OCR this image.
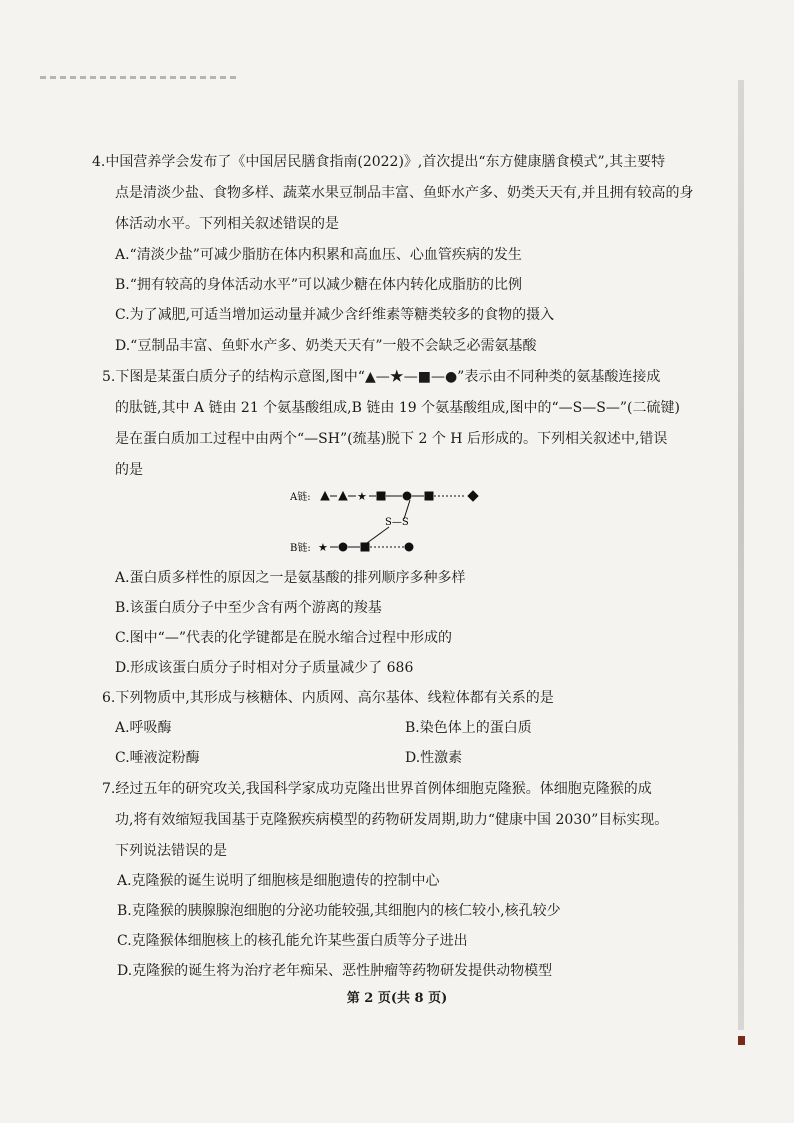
4.中国营养学会发布了《中国居民膳食指南(2022)》,首次提出“东方健康膳食模式”,其主要特
点是清淡少盐、食物多样、蔬菜水果豆制品丰富、鱼虾水产多、奶类天天有,并且拥有较高的身
体活动水平。下列相关叙述错误的是
A.“清淡少盐”可减少脂肪在体内积累和高血压、心血管疾病的发生
B.“拥有较高的身体活动水平”可以减少糖在体内转化成脂肪的比例
C.为了减肥,可适当增加运动量并减少含纤维素等糖类较多的食物的摄入
D.“豆制品丰富、鱼虾水产多、奶类天天有”一般不会缺乏必需氨基酸
5.下图是某蛋白质分子的结构示意图,图中“▲—★—■—●”表示由不同种类的氨基酸连接成
的肽链,其中 A 链由 21 个氨基酸组成,B 链由 19 个氨基酸组成,图中的“—S—S—”(二硫键)
是在蛋白质加工过程中由两个“—SH”(巯基)脱下 2 个 H 后形成的。下列相关叙述中,错误
的是
A链:	★
S—S
B链: ★
A.蛋白质多样性的原因之一是氨基酸的排列顺序多种多样
B.该蛋白质分子中至少含有两个游离的羧基
C.图中“—”代表的化学键都是在脱水缩合过程中形成的
D.形成该蛋白质分子时相对分子质量减少了 686
6.下列物质中,其形成与核糖体、内质网、高尔基体、线粒体都有关系的是
A.呼吸酶	B.染色体上的蛋白质
C.唾液淀粉酶	D.性激素
7.经过五年的研究攻关,我国科学家成功克隆出世界首例体细胞克隆猴。体细胞克隆猴的成
功,将有效缩短我国基于克隆猴疾病模型的药物研发周期,助力“健康中国 2030”目标实现。
下列说法错误的是
A.克隆猴的诞生说明了细胞核是细胞遗传的控制中心
B.克隆猴的胰腺腺泡细胞的分泌功能较强,其细胞内的核仁较小,核孔较少
C.克隆猴体细胞核上的核孔能允许某些蛋白质等分子进出
D.克隆猴的诞生将为治疗老年痴呆、恶性肿瘤等药物研发提供动物模型
第 2 页(共 8 页)
